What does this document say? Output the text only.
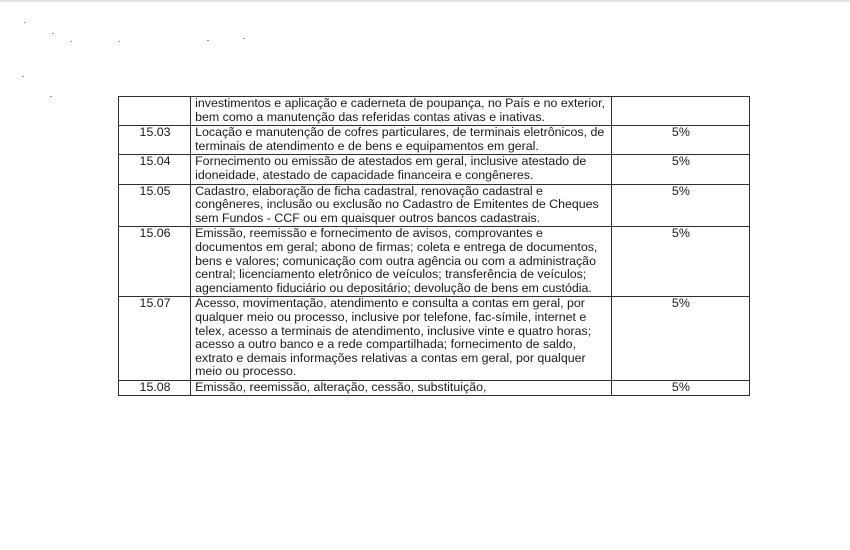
	investimentos e aplicação e caderneta de poupança, no País e no exterior, bem como a manutenção das referidas contas ativas e inativas.	
15.03	Locação e manutenção de cofres particulares, de terminais eletrônicos, de terminais de atendimento e de bens e equipamentos em geral.	5%
15.04	Fornecimento ou emissão de atestados em geral, inclusive atestado de idoneidade, atestado de capacidade financeira e congêneres.	5%
15.05	Cadastro, elaboração de ficha cadastral, renovação cadastral e congêneres, inclusão ou exclusão no Cadastro de Emitentes de Cheques sem Fundos - CCF ou em quaisquer outros bancos cadastrais.	5%
15.06	Emissão, reemissão e fornecimento de avisos, comprovantes e documentos em geral; abono de firmas; coleta e entrega de documentos, bens e valores; comunicação com outra agência ou com a administração central; licenciamento eletrônico de veículos; transferência de veículos; agenciamento fiduciário ou depositário; devolução de bens em custódia.	5%
15.07	Acesso, movimentação, atendimento e consulta a contas em geral, por qualquer meio ou processo, inclusive por telefone, fac-símile, internet e telex, acesso a terminais de atendimento, inclusive vinte e quatro horas; acesso a outro banco e a rede compartilhada; fornecimento de saldo, extrato e demais informações relativas a contas em geral, por qualquer meio ou processo.	5%
15.08	Emissão, reemissão, alteração, cessão, substituição,	5%
